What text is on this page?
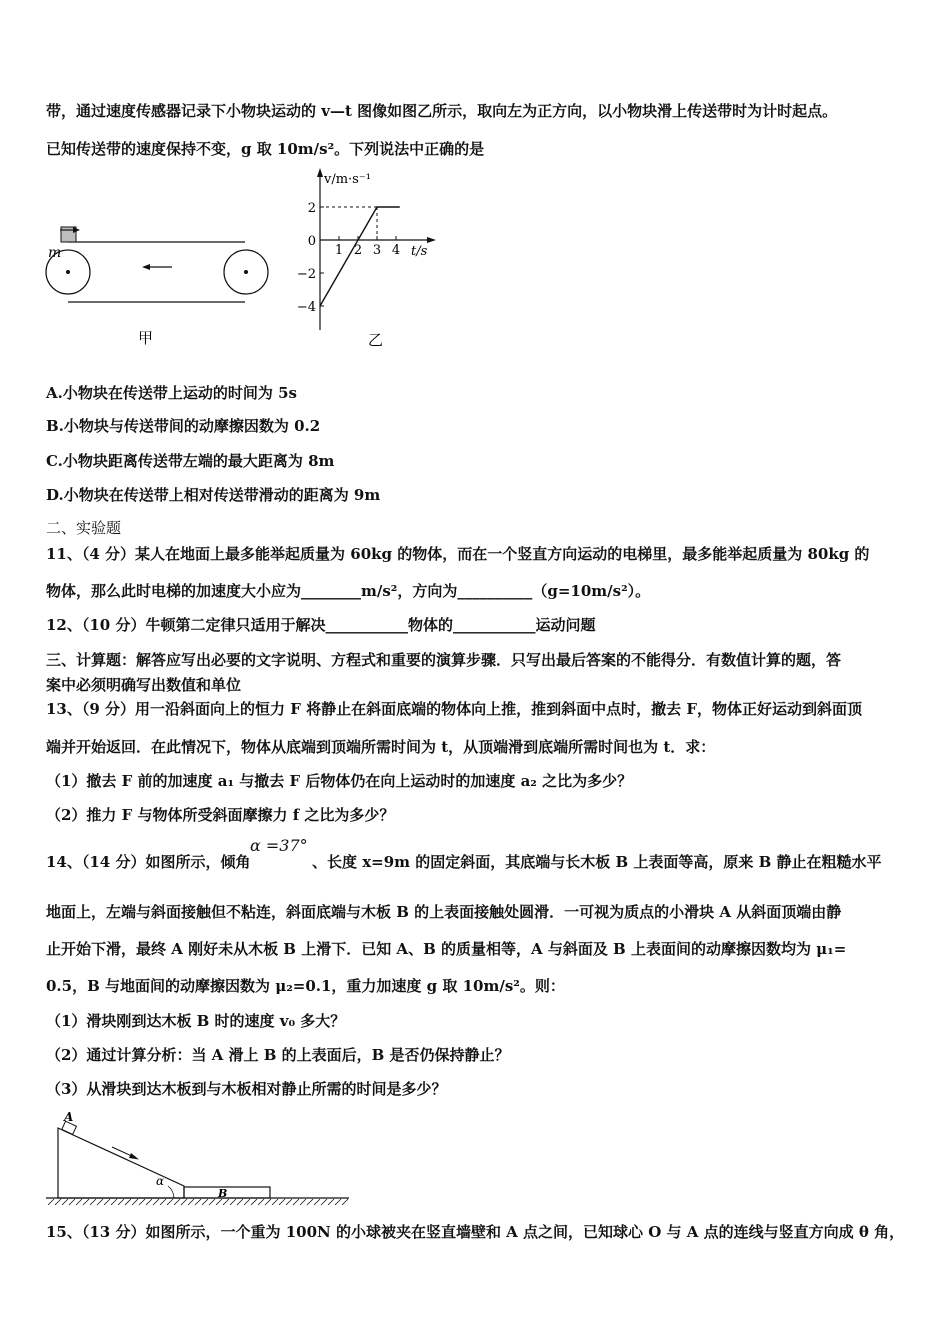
带，通过速度传感器记录下小物块运动的 v—t 图像如图乙所示，取向左为正方向，以小物块滑上传送带时为计时起点。
已知传送带的速度保持不变，g 取 10m/s²。下列说法中正确的是
m
甲
v/m·s⁻¹
t/s
2
0
−2
−4
1 2 3 4
乙
A.小物块在传送带上运动的时间为 5s
B.小物块与传送带间的动摩擦因数为 0.2
C.小物块距离传送带左端的最大距离为 8m
D.小物块在传送带上相对传送带滑动的距离为 9m
二、实验题
11、（4 分）某人在地面上最多能举起质量为 60kg 的物体，而在一个竖直方向运动的电梯里，最多能举起质量为 80kg 的
物体，那么此时电梯的加速度大小应为________m/s²，方向为__________（g=10m/s²）。
12、（10 分）牛顿第二定律只适用于解决___________物体的___________运动问题
三、计算题：解答应写出必要的文字说明、方程式和重要的演算步骤．只写出最后答案的不能得分．有数值计算的题，答
案中必须明确写出数值和单位
13、（9 分）用一沿斜面向上的恒力 F 将静止在斜面底端的物体向上推，推到斜面中点时，撤去 F，物体正好运动到斜面顶
端并开始返回．在此情况下，物体从底端到顶端所需时间为 t，从顶端滑到底端所需时间也为 t．求：
（1）撤去 F 前的加速度 a₁ 与撤去 F 后物体仍在向上运动时的加速度 a₂ 之比为多少？
（2）推力 F 与物体所受斜面摩擦力 f 之比为多少？
14、（14 分）如图所示，倾角
α =37°
、长度 x=9m 的固定斜面，其底端与长木板 B 上表面等高，原来 B 静止在粗糙水平
地面上，左端与斜面接触但不粘连，斜面底端与木板 B 的上表面接触处圆滑．一可视为质点的小滑块 A 从斜面顶端由静
止开始下滑，最终 A 刚好未从木板 B 上滑下．已知 A、B 的质量相等，A 与斜面及 B 上表面间的动摩擦因数均为 μ₁=
0.5，B 与地面间的动摩擦因数为 μ₂=0.1，重力加速度 g 取 10m/s²。则：
（1）滑块刚到达木板 B 时的速度 v₀ 多大？
（2）通过计算分析：当 A 滑上 B 的上表面后，B 是否仍保持静止？
（3）从滑块到达木板到与木板相对静止所需的时间是多少？
A
B
α
15、（13 分）如图所示，一个重为 100N 的小球被夹在竖直墙壁和 A 点之间，已知球心 O 与 A 点的连线与竖直方向成 θ 角，
